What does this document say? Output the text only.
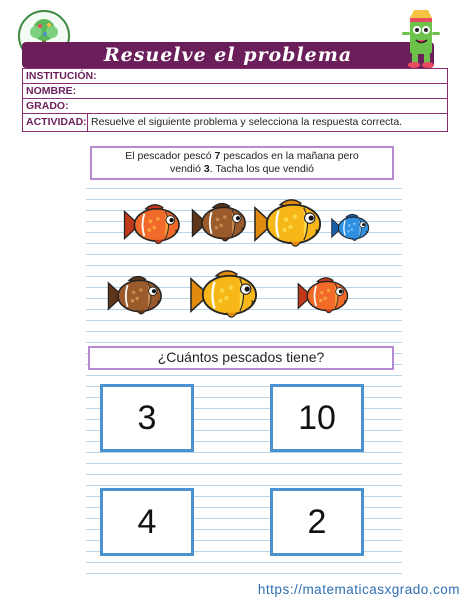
Resuelve el problema
INSTITUCIÓN:
NOMBRE:
GRADO:
ACTIVIDAD: Resuelve el siguiente problema y selecciona la respuesta correcta.
El pescador pescó 7 pescados en la mañana pero
vendió 3. Tacha los que vendió
¿Cuántos pescados tiene?
3	10
4	2
https://matematicasxgrado.com
